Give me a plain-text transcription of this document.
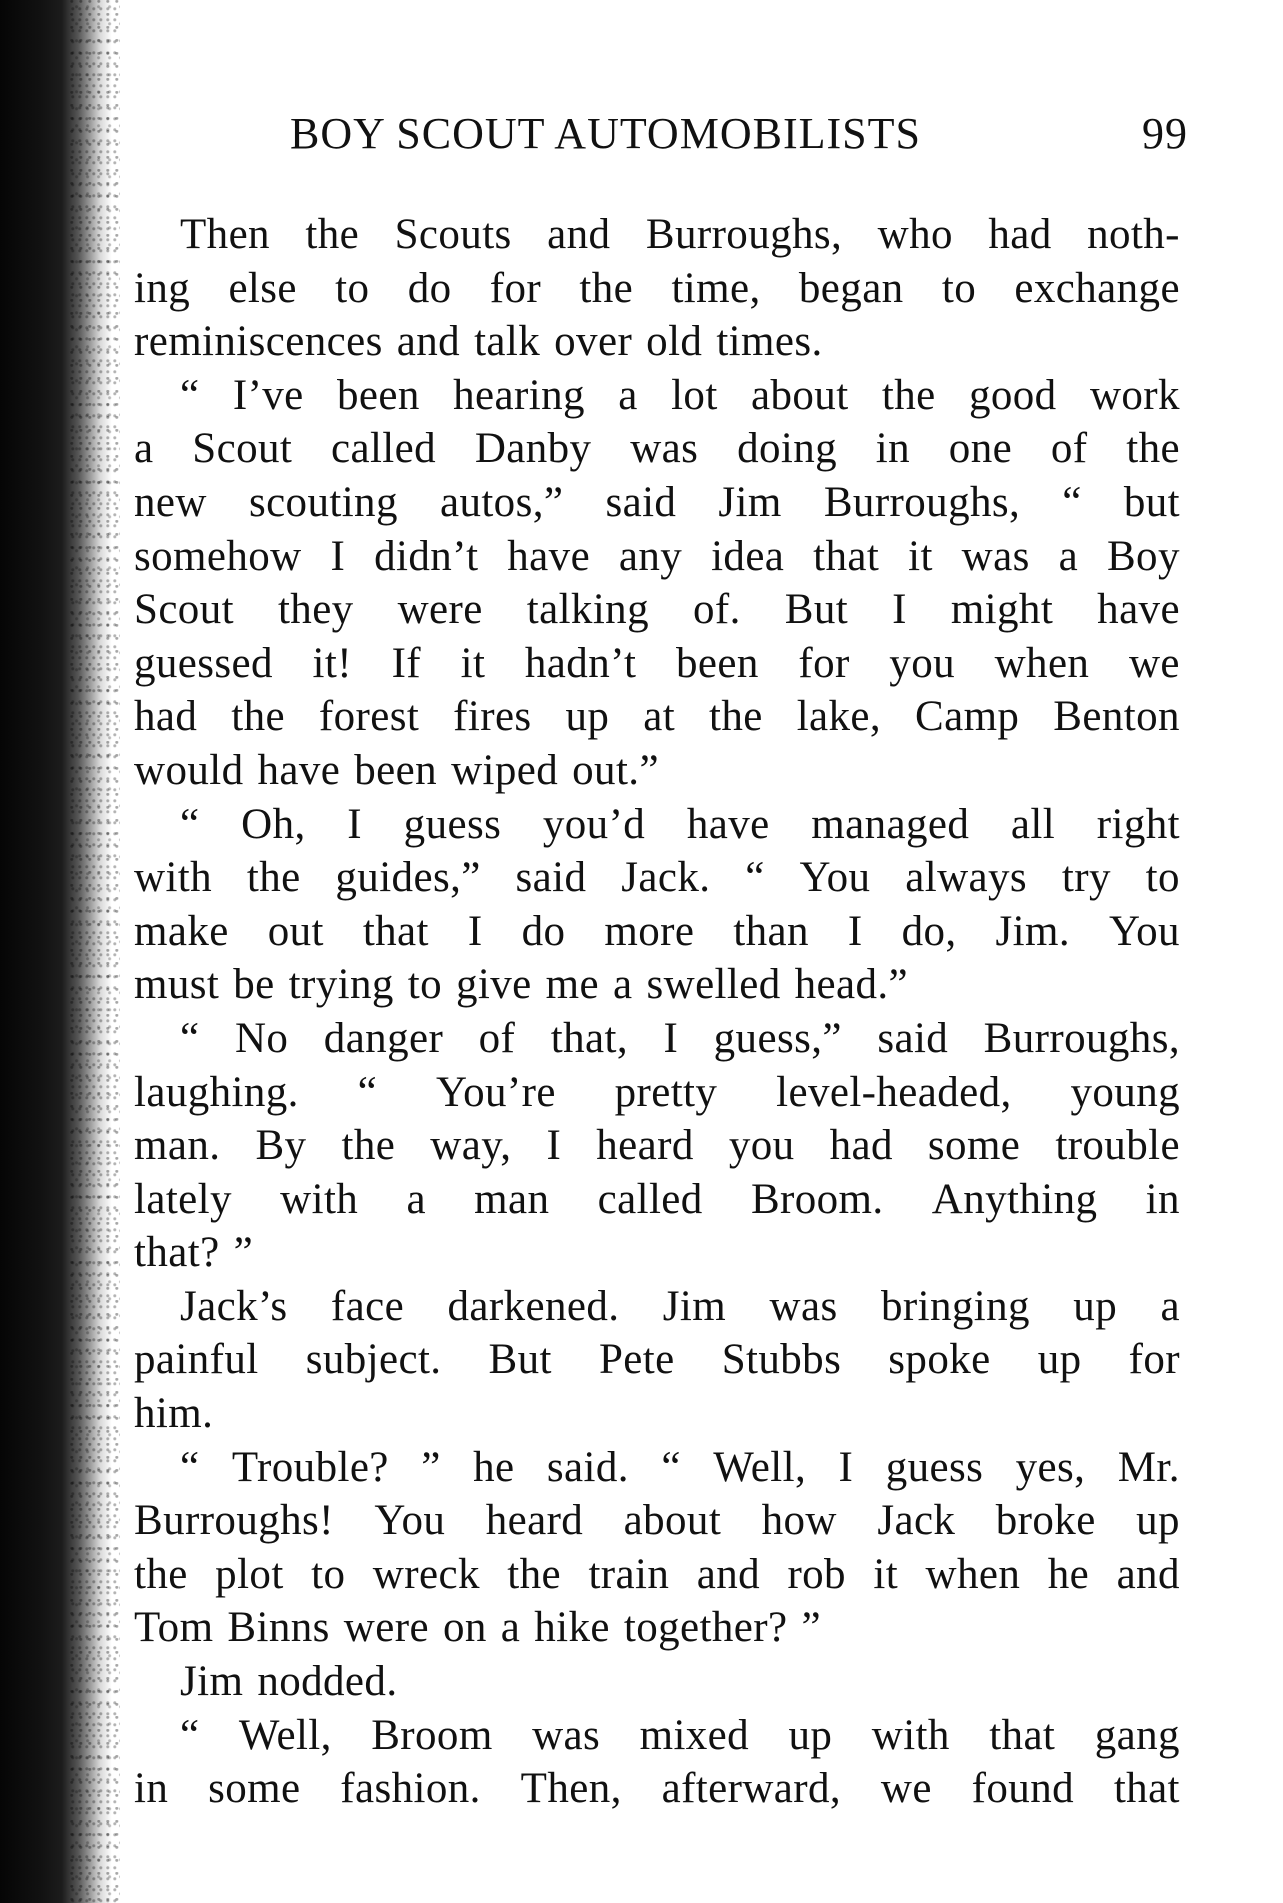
BOY SCOUT AUTOMOBILISTS	99
Then the Scouts and Burroughs, who had noth-
ing else to do for the time, began to exchange
reminiscences and talk over old times.
“ I’ve been hearing a lot about the good work
a Scout called Danby was doing in one of the
new scouting autos,” said Jim Burroughs, “ but
somehow I didn’t have any idea that it was a Boy
Scout they were talking of. But I might have
guessed it! If it hadn’t been for you when we
had the forest fires up at the lake, Camp Benton
would have been wiped out.”
“ Oh, I guess you’d have managed all right
with the guides,” said Jack. “ You always try to
make out that I do more than I do, Jim. You
must be trying to give me a swelled head.”
“ No danger of that, I guess,” said Burroughs,
laughing. “ You’re pretty level-headed, young
man. By the way, I heard you had some trouble
lately with a man called Broom. Anything in
that? ”
Jack’s face darkened. Jim was bringing up a
painful subject. But Pete Stubbs spoke up for
him.
“ Trouble? ” he said. “ Well, I guess yes, Mr.
Burroughs! You heard about how Jack broke up
the plot to wreck the train and rob it when he and
Tom Binns were on a hike together? ”
Jim nodded.
“ Well, Broom was mixed up with that gang
in some fashion. Then, afterward, we found that
